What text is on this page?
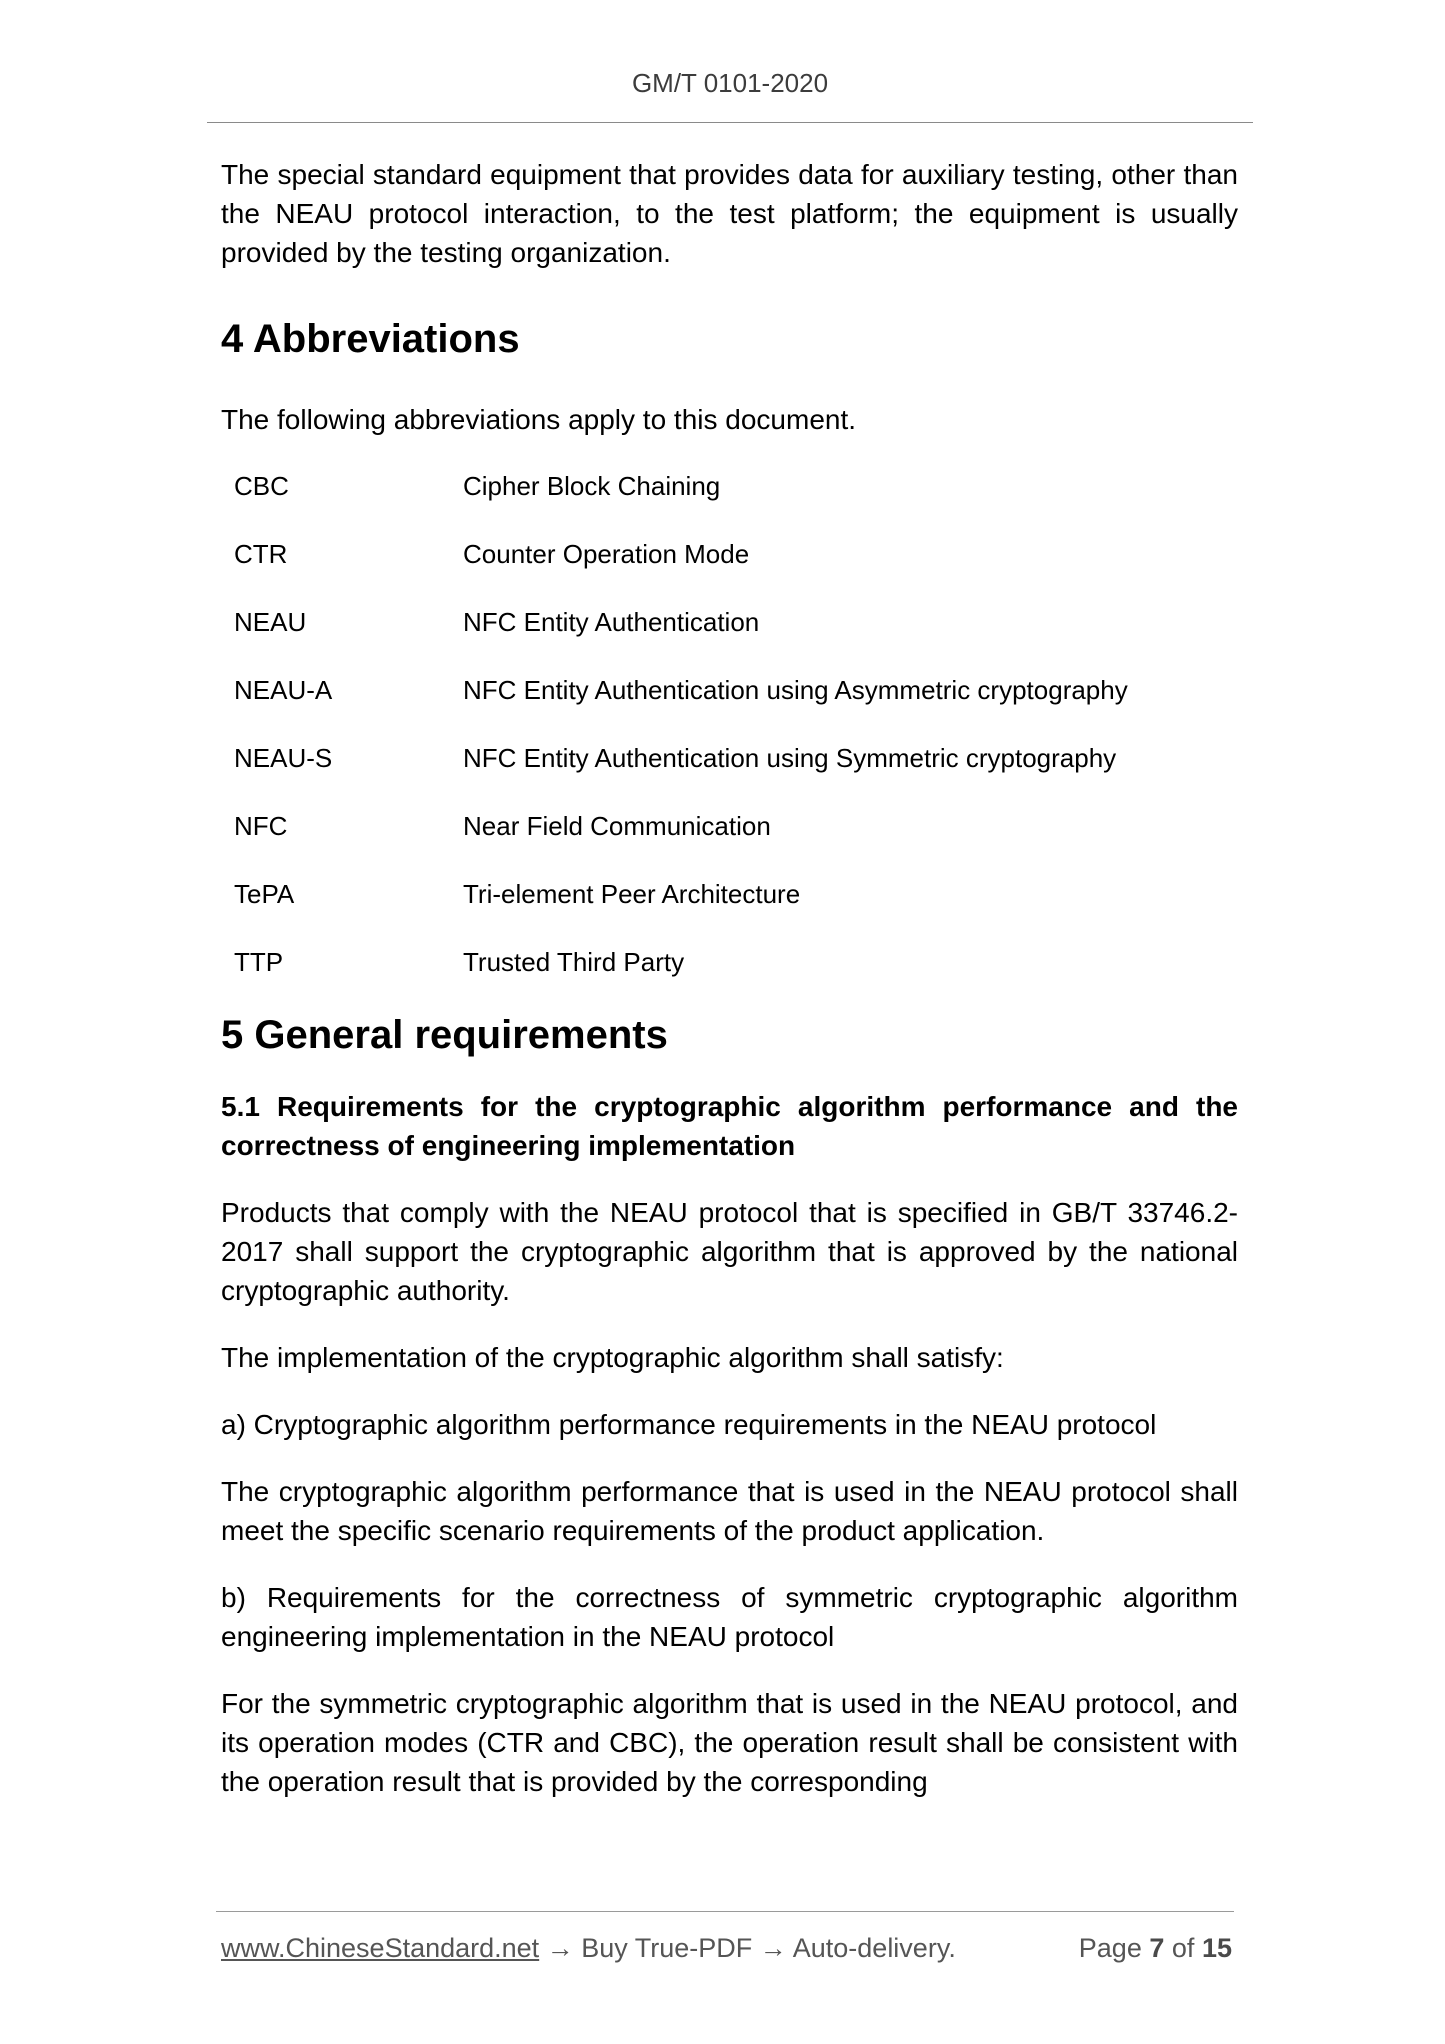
GM/T 0101-2020

The special standard equipment that provides data for auxiliary testing, other than the NEAU protocol interaction, to the test platform; the equipment is usually provided by the testing organization.

4 Abbreviations

The following abbreviations apply to this document.

CBC	Cipher Block Chaining
CTR	Counter Operation Mode
NEAU	NFC Entity Authentication
NEAU-A	NFC Entity Authentication using Asymmetric cryptography
NEAU-S	NFC Entity Authentication using Symmetric cryptography
NFC	Near Field Communication
TePA	Tri-element Peer Architecture
TTP	Trusted Third Party
5 General requirements
5.1 Requirements for the cryptographic algorithm performance and the correctness of engineering implementation

Products that comply with the NEAU protocol that is specified in GB/T 33746.2-2017 shall support the cryptographic algorithm that is approved by the national cryptographic authority.

The implementation of the cryptographic algorithm shall satisfy:

a) Cryptographic algorithm performance requirements in the NEAU protocol

The cryptographic algorithm performance that is used in the NEAU protocol shall meet the specific scenario requirements of the product application.

b) Requirements for the correctness of symmetric cryptographic algorithm engineering implementation in the NEAU protocol

For the symmetric cryptographic algorithm that is used in the NEAU protocol, and its operation modes (CTR and CBC), the operation result shall be consistent with the operation result that is provided by the corresponding

www.ChineseStandard.net → Buy True-PDF → Auto-delivery.	Page 7 of 15
